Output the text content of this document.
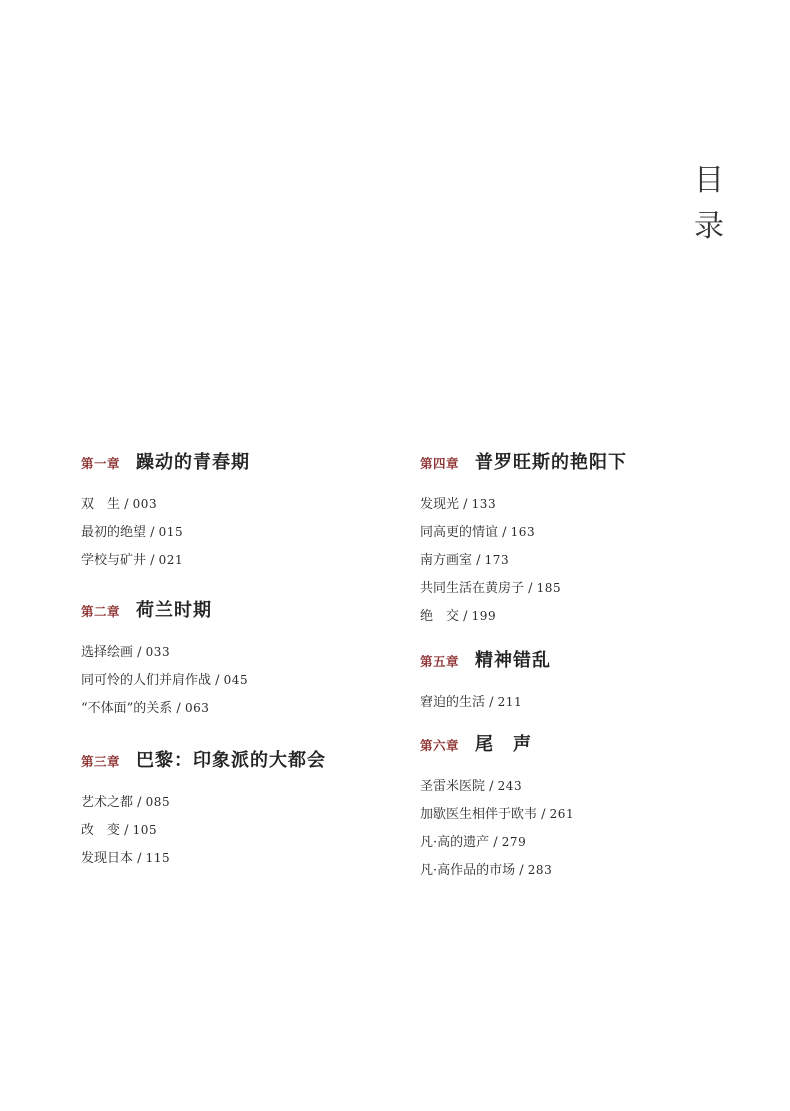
目
录
第一章 躁动的青春期
双　生 / 003
最初的绝望 / 015
学校与矿井 / 021
第二章 荷兰时期
选择绘画 / 033
同可怜的人们并肩作战 / 045
“不体面”的关系 / 063
第三章 巴黎：印象派的大都会
艺术之都 / 085
改　变 / 105
发现日本 / 115
第四章 普罗旺斯的艳阳下
发现光 / 133
同高更的情谊 / 163
南方画室 / 173
共同生活在黄房子 / 185
绝　交 / 199
第五章 精神错乱
窘迫的生活 / 211
第六章 尾　声
圣雷米医院 / 243
加歇医生相伴于欧韦 / 261
凡·高的遗产 / 279
凡·高作品的市场 / 283
